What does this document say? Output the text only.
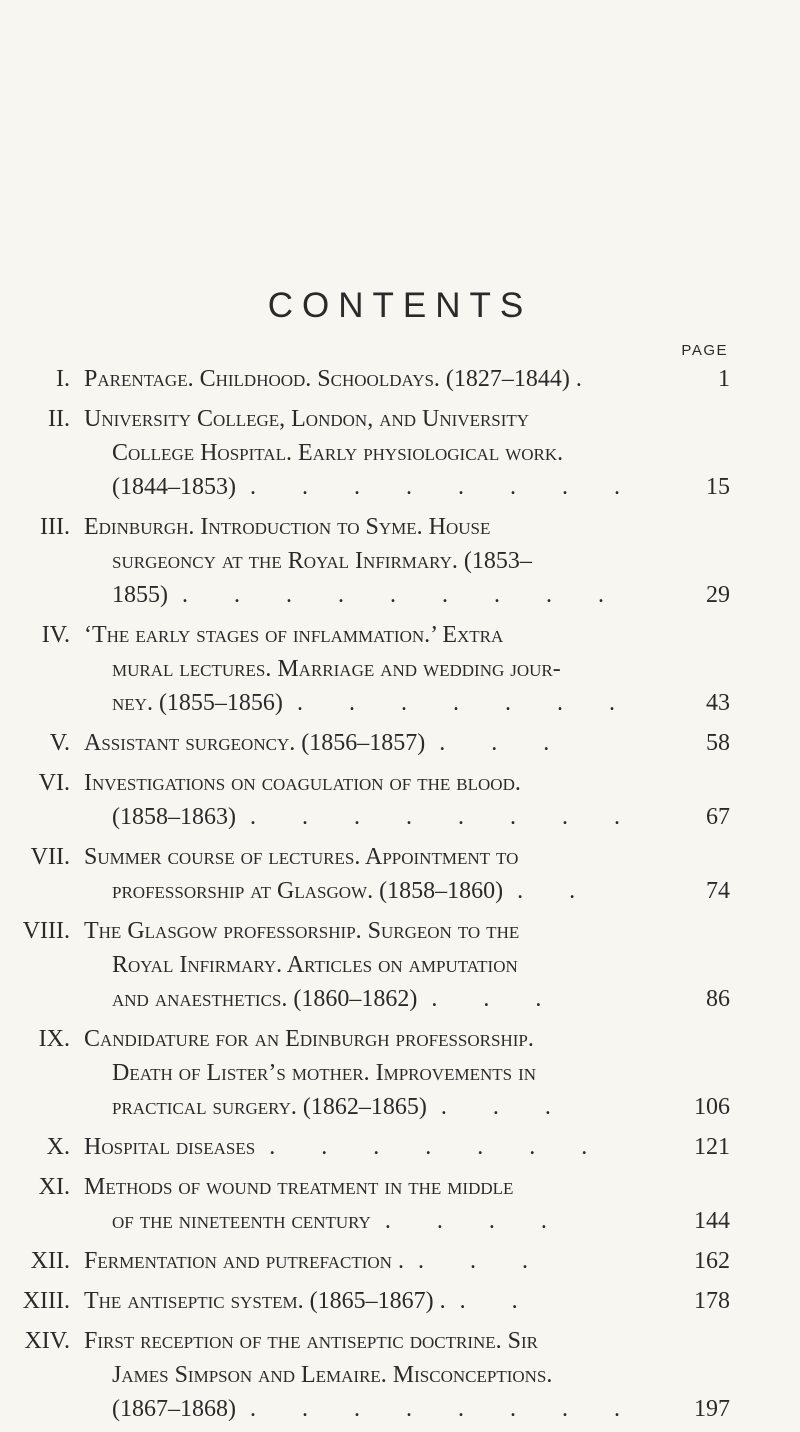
CONTENTS
PAGE
I. Parentage. Childhood. Schooldays. (1827–1844) .	1
II. University College, London, and University
College Hospital. Early physiological work.
(1844–1853) . . . . . . . .	15
III. Edinburgh. Introduction to Syme. House
surgeoncy at the Royal Infirmary. (1853–
1855) . . . . . . . . .	29
IV. ‘The early stages of inflammation.’ Extra
mural lectures. Marriage and wedding jour-
ney. (1855–1856) . . . . . . .	43
V. Assistant surgeoncy. (1856–1857) . . .	58
VI. Investigations on coagulation of the blood.
(1858–1863) . . . . . . . .	67
VII. Summer course of lectures. Appointment to
professorship at Glasgow. (1858–1860) . .	74
VIII. The Glasgow professorship. Surgeon to the
Royal Infirmary. Articles on amputation
and anaesthetics. (1860–1862) . . .	86
IX. Candidature for an Edinburgh professorship.
Death of Lister’s mother. Improvements in
practical surgery. (1862–1865) . . .	106
X. Hospital diseases . . . . . . .	121
XI. Methods of wound treatment in the middle
of the nineteenth century . . . .	144
XII. Fermentation and putrefaction . . . .	162
XIII. The antiseptic system. (1865–1867) . . .	178
XIV. First reception of the antiseptic doctrine. Sir
James Simpson and Lemaire. Misconceptions.
(1867–1868) . . . . . . . .	197
